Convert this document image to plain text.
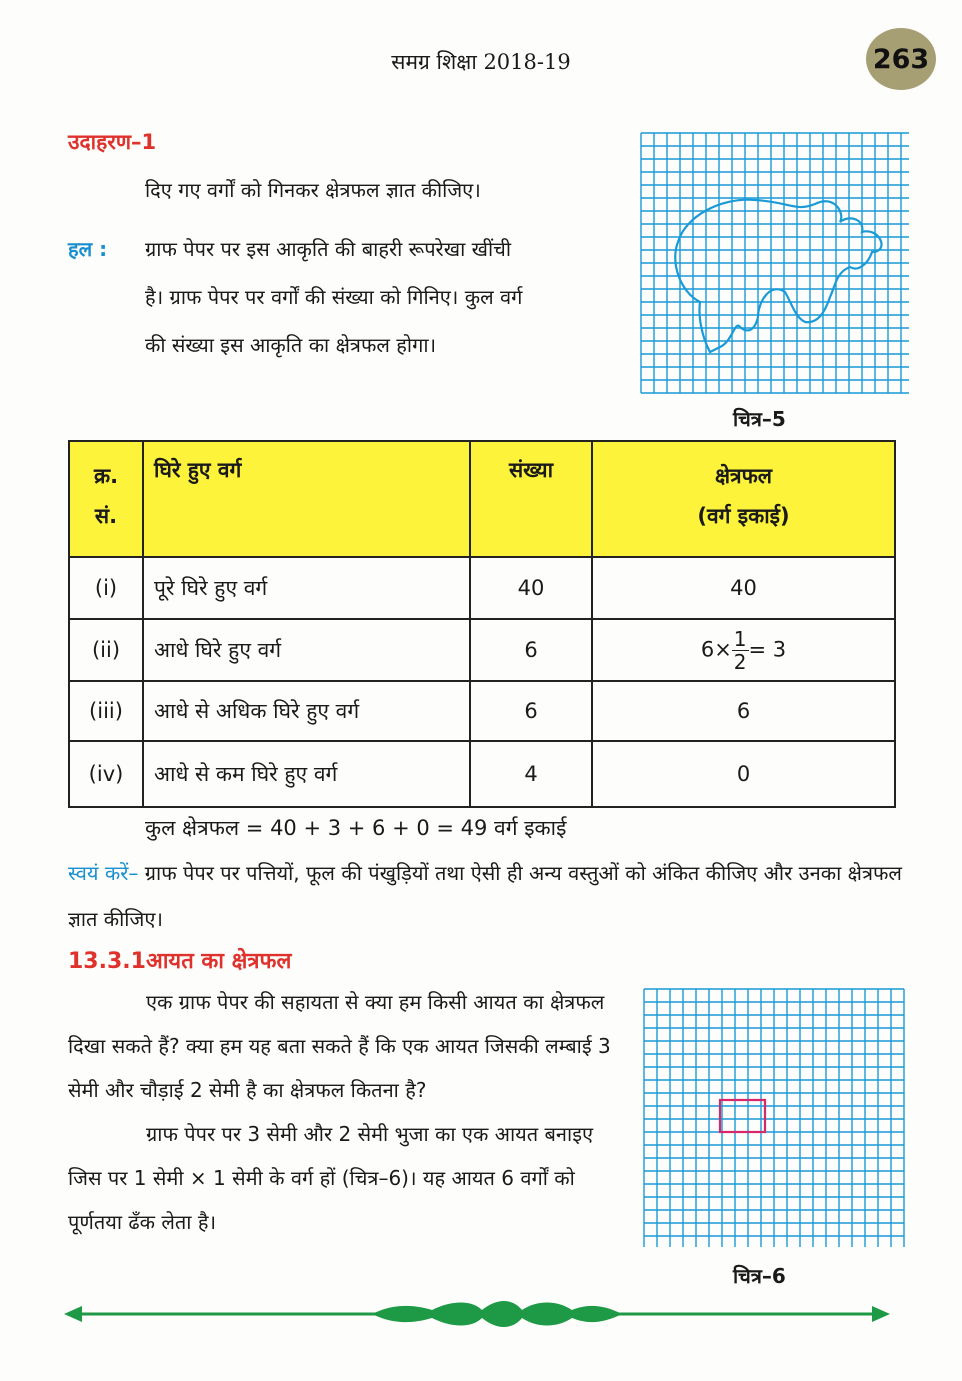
समग्र शिक्षा 2018-19	263
उदाहरण–1
दिए गए वर्गों को गिनकर क्षेत्रफल ज्ञात कीजिए।
हल : ग्राफ पेपर पर इस आकृति की बाहरी रूपरेखा खींची
है। ग्राफ पेपर पर वर्गों की संख्या को गिनिए। कुल वर्ग
की संख्या इस आकृति का क्षेत्रफल होगा।
चित्र–5
क्र.
सं.	घिरे हुए वर्ग	संख्या	क्षेत्रफल
(वर्ग इकाई)
(i)	पूरे घिरे हुए वर्ग	40	40
(ii)	आधे घिरे हुए वर्ग	6	$6\times \frac{1}{2} = 3$
(iii)	आधे से अधिक घिरे हुए वर्ग	6	6
(iv)	आधे से कम घिरे हुए वर्ग	4	0
कुल क्षेत्रफल = 40 + 3 + 6 + 0 = 49 वर्ग इकाई
स्वयं करें– ग्राफ पेपर पर पत्तियों, फूल की पंखुड़ियों तथा ऐसी ही अन्य वस्तुओं को अंकित कीजिए और उनका क्षेत्रफल ज्ञात कीजिए।
13.3.1आयत का क्षेत्रफल

एक ग्राफ पेपर की सहायता से क्या हम किसी आयत का क्षेत्रफल दिखा सकते हैं? क्या हम यह बता सकते हैं कि एक आयत जिसकी लम्बाई 3 सेमी और चौड़ाई 2 सेमी है का क्षेत्रफल कितना है?

ग्राफ पेपर पर 3 सेमी और 2 सेमी भुजा का एक आयत बनाइए जिस पर 1 सेमी × 1 सेमी के वर्ग हों (चित्र–6)। यह आयत 6 वर्गों को पूर्णतया ढँक लेता है।

चित्र–6
